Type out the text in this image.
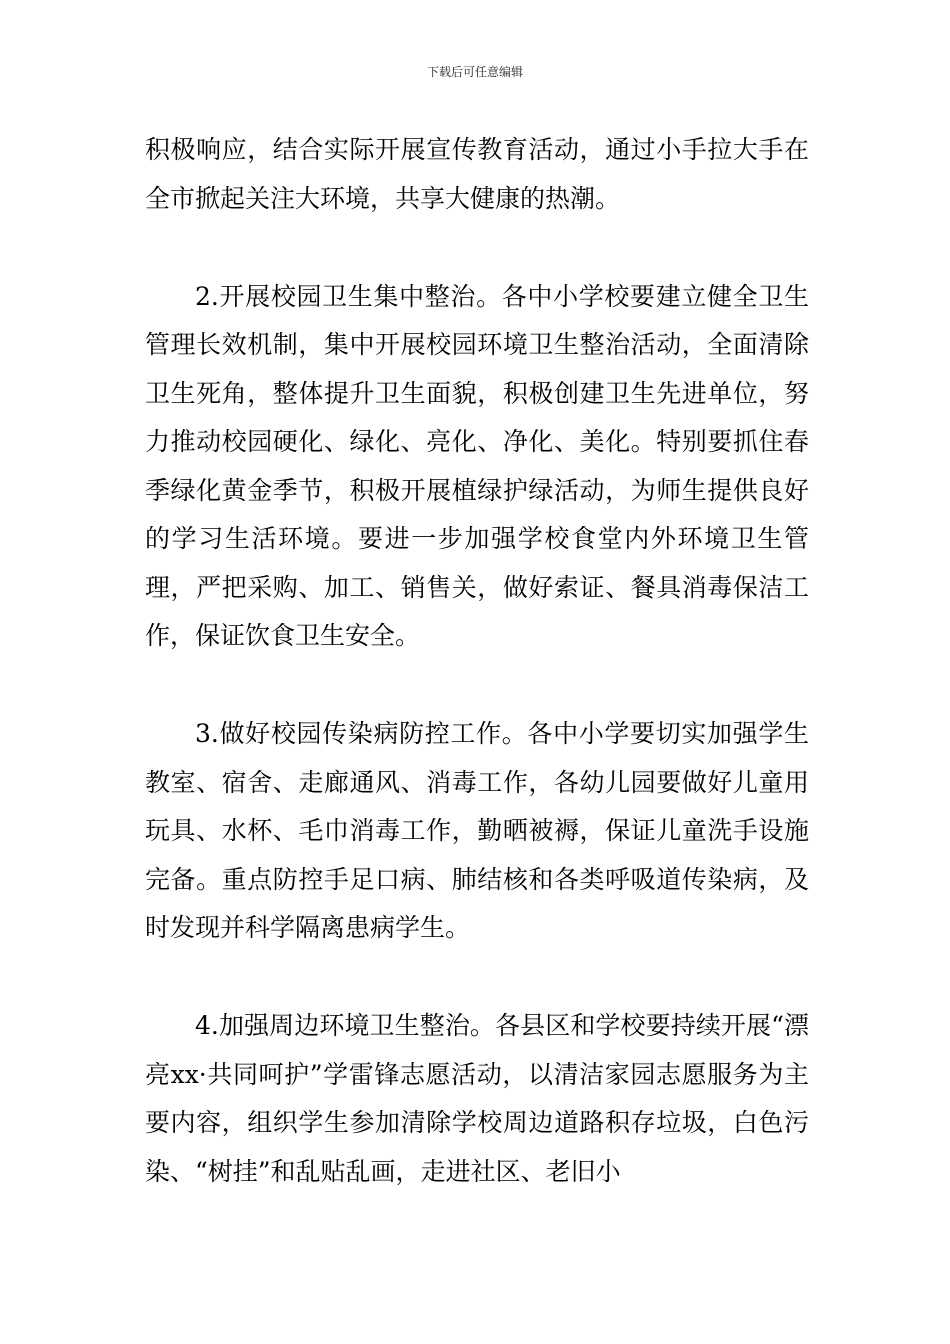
下载后可任意编辑

积极响应，结合实际开展宣传教育活动，通过小手拉大手在全市掀起关注大环境，共享大健康的热潮。

2.开展校园卫生集中整治。各中小学校要建立健全卫生管理长效机制，集中开展校园环境卫生整治活动，全面清除卫生死角，整体提升卫生面貌，积极创建卫生先进单位，努力推动校园硬化、绿化、亮化、净化、美化。特别要抓住春季绿化黄金季节，积极开展植绿护绿活动，为师生提供良好的学习生活环境。要进一步加强学校食堂内外环境卫生管理，严把采购、加工、销售关，做好索证、餐具消毒保洁工作，保证饮食卫生安全。

3.做好校园传染病防控工作。各中小学要切实加强学生教室、宿舍、走廊通风、消毒工作，各幼儿园要做好儿童用玩具、水杯、毛巾消毒工作，勤晒被褥，保证儿童洗手设施完备。重点防控手足口病、肺结核和各类呼吸道传染病，及时发现并科学隔离患病学生。

4.加强周边环境卫生整治。各县区和学校要持续开展“漂亮xx·共同呵护”学雷锋志愿活动，以清洁家园志愿服务为主要内容，组织学生参加清除学校周边道路积存垃圾，白色污染、“树挂”和乱贴乱画，走进社区、老旧小
